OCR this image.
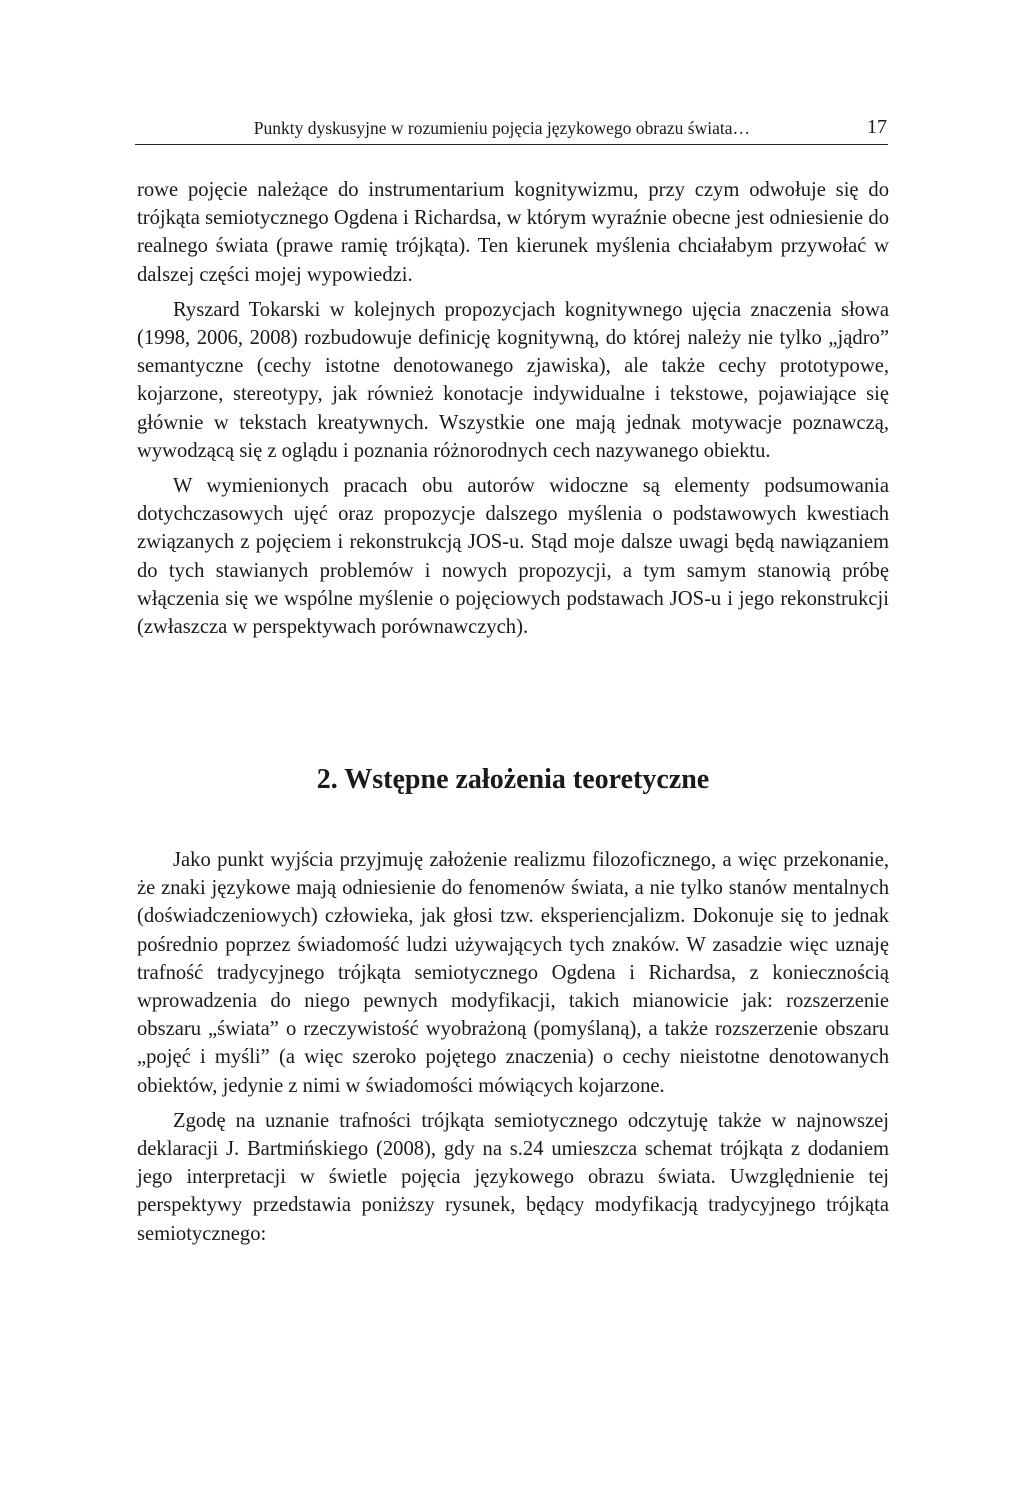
Punkty dyskusyjne w rozumieniu pojęcia językowego obrazu świata…	17

rowe pojęcie należące do instrumentarium kognitywizmu, przy czym odwołuje się do trójkąta semiotycznego Ogdena i Richardsa, w którym wyraźnie obecne jest odniesienie do realnego świata (prawe ramię trójkąta). Ten kierunek myślenia chciałabym przywołać w dalszej części mojej wypowiedzi.

Ryszard Tokarski w kolejnych propozycjach kognitywnego ujęcia znaczenia słowa (1998, 2006, 2008) rozbudowuje definicję kognitywną, do której należy nie tylko „jądro” semantyczne (cechy istotne denotowanego zjawiska), ale także cechy prototypowe, kojarzone, stereotypy, jak również konotacje indywidualne i tekstowe, pojawiające się głównie w tekstach kreatywnych. Wszystkie one mają jednak motywacje poznawczą, wywodzącą się z oglądu i poznania różnorodnych cech nazywanego obiektu.

W wymienionych pracach obu autorów widoczne są elementy podsumowania dotychczasowych ujęć oraz propozycje dalszego myślenia o podstawowych kwestiach związanych z pojęciem i rekonstrukcją JOS-u. Stąd moje dalsze uwagi będą nawiązaniem do tych stawianych problemów i nowych propozycji, a tym samym stanowią próbę włączenia się we wspólne myślenie o pojęciowych podstawach JOS-u i jego rekonstrukcji (zwłaszcza w perspektywach porównawczych).

2. Wstępne założenia teoretyczne

Jako punkt wyjścia przyjmuję założenie realizmu filozoficznego, a więc przekonanie, że znaki językowe mają odniesienie do fenomenów świata, a nie tylko stanów mentalnych (doświadczeniowych) człowieka, jak głosi tzw. eksperiencjalizm. Dokonuje się to jednak pośrednio poprzez świadomość ludzi używających tych znaków. W zasadzie więc uznaję trafność tradycyjnego trójkąta semiotycznego Ogdena i Richardsa, z koniecznością wprowadzenia do niego pewnych modyfikacji, takich mianowicie jak: rozszerzenie obszaru „świata” o rzeczywistość wyobrażoną (pomyślaną), a także rozszerzenie obszaru „pojęć i myśli” (a więc szeroko pojętego znaczenia) o cechy nieistotne denotowanych obiektów, jedynie z nimi w świadomości mówiących kojarzone.

Zgodę na uznanie trafności trójkąta semiotycznego odczytuję także w najnowszej deklaracji J. Bartmińskiego (2008), gdy na s.24 umieszcza schemat trójkąta z dodaniem jego interpretacji w świetle pojęcia językowego obrazu świata. Uwzględnienie tej perspektywy przedstawia poniższy rysunek, będący modyfikacją tradycyjnego trójkąta semiotycznego:
